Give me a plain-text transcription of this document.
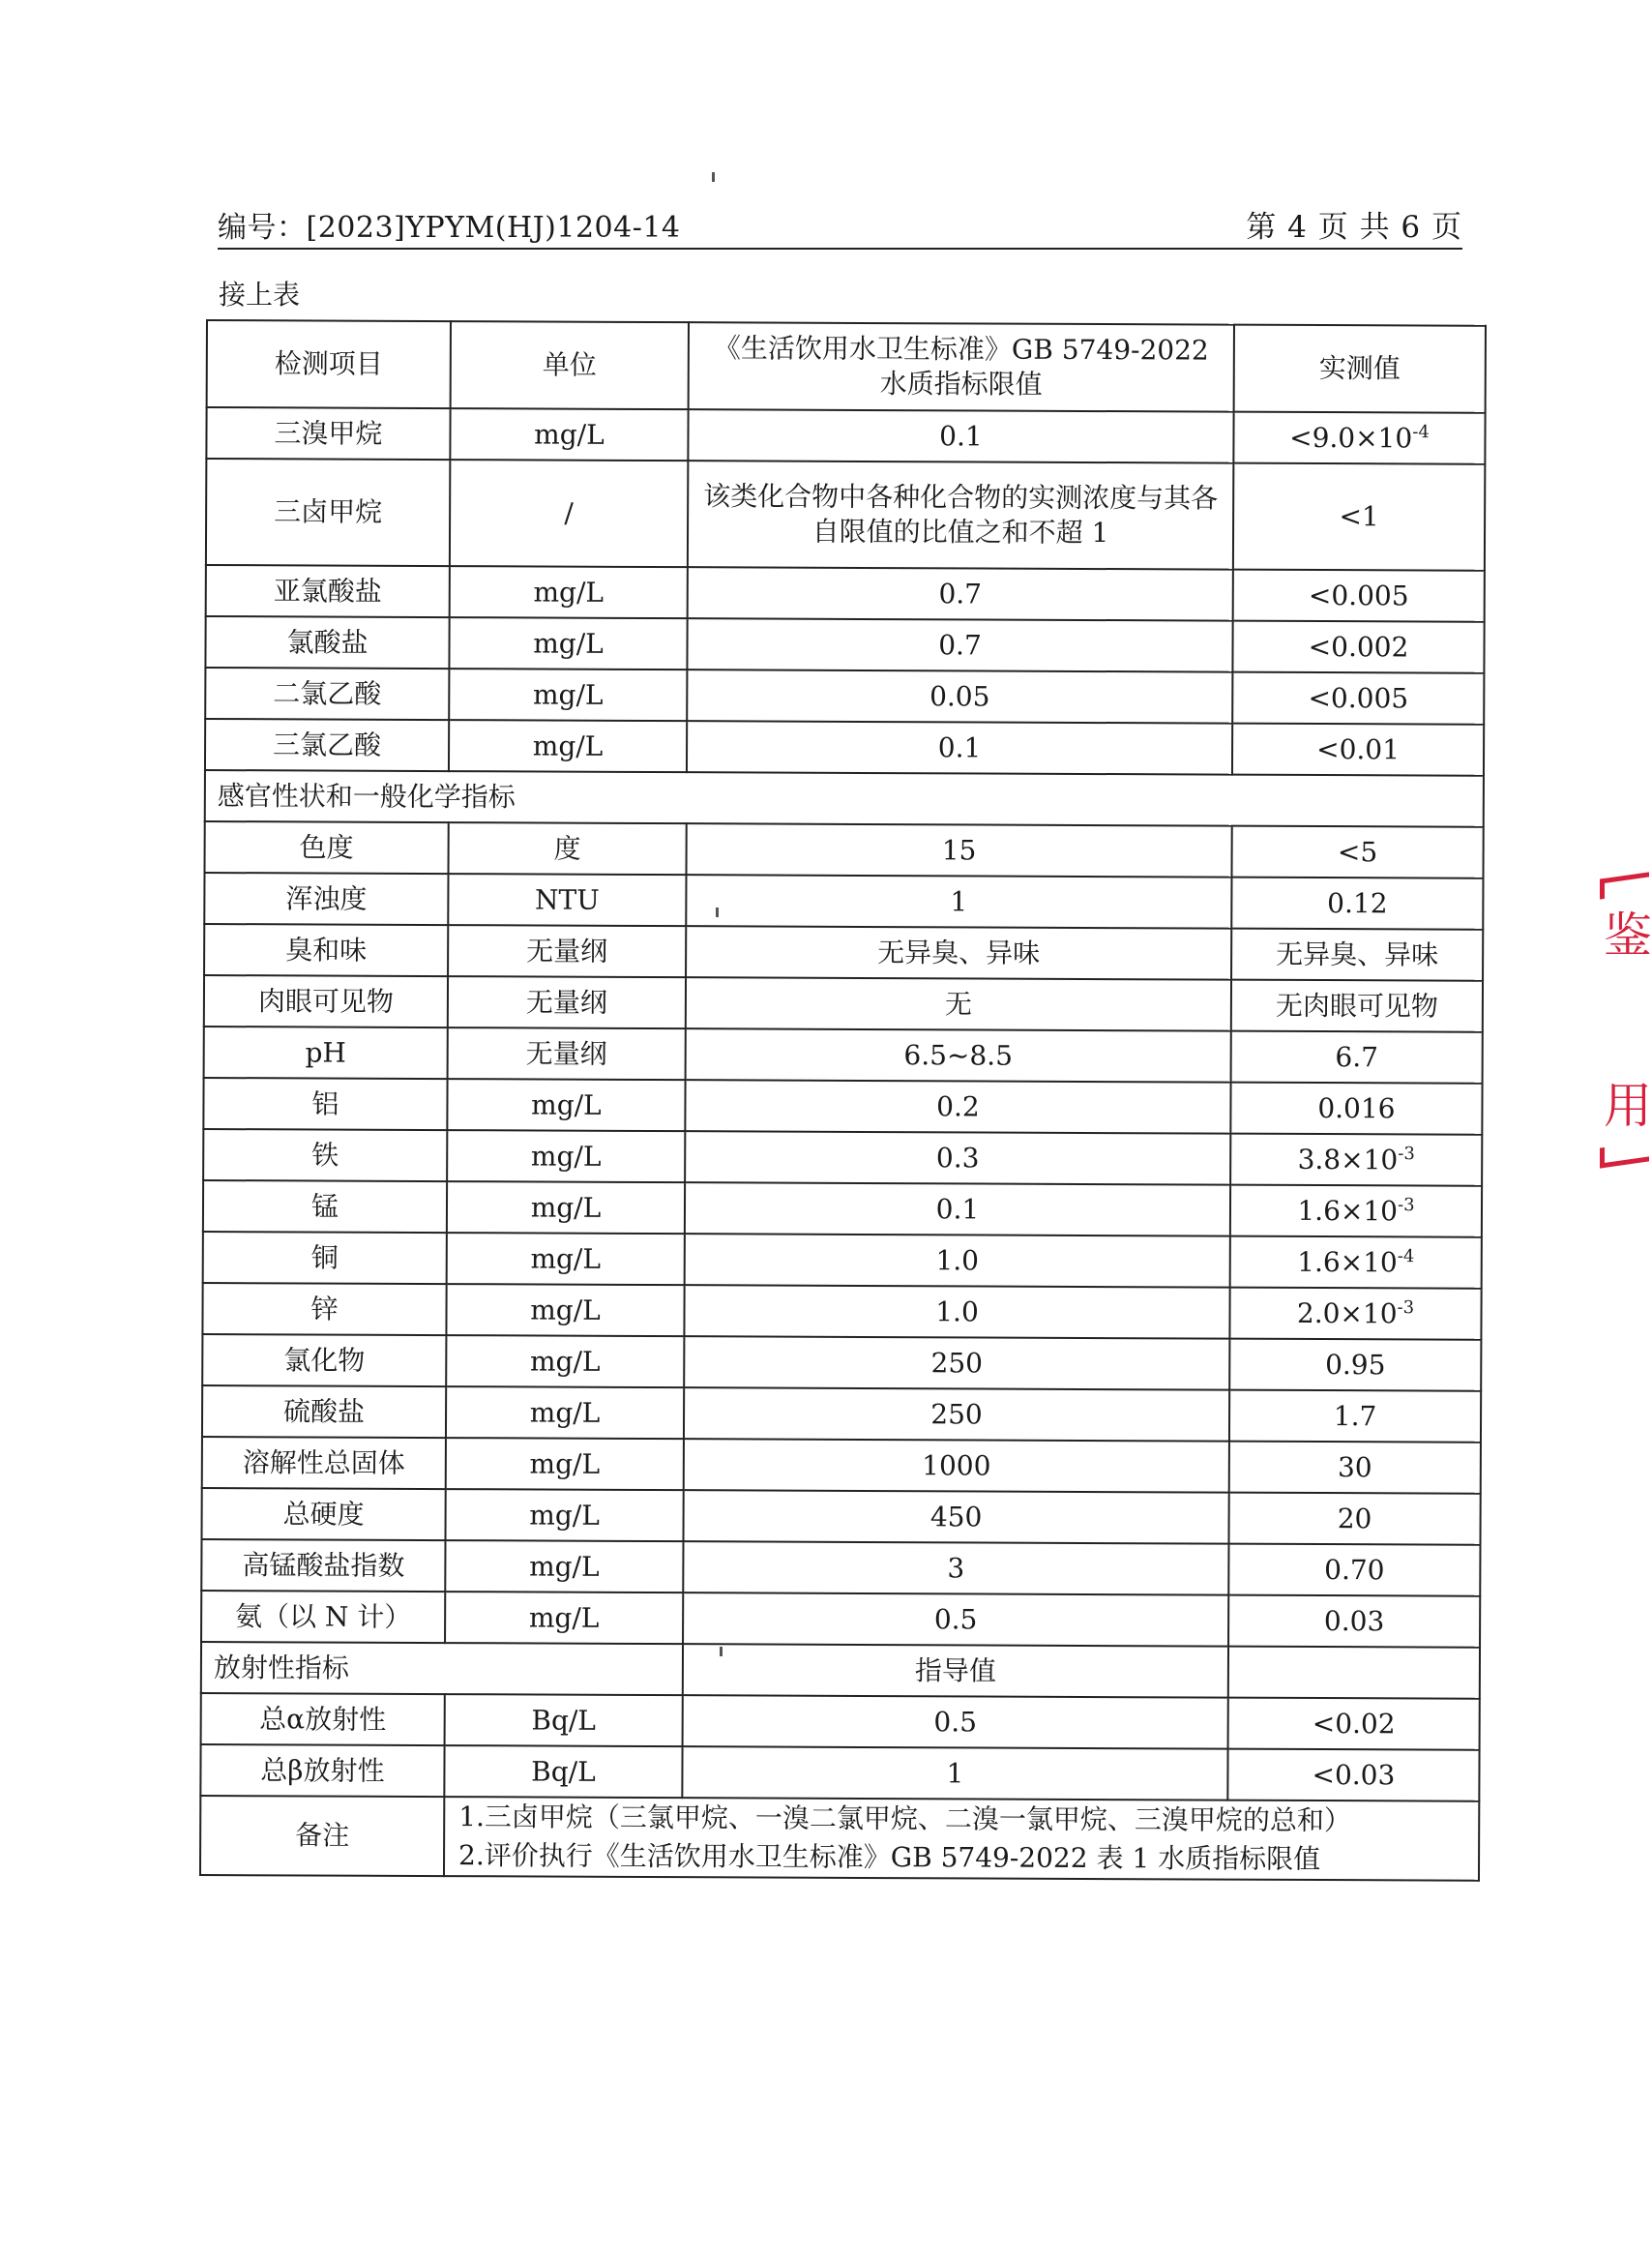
编号：[2023]YPYM(HJ)1204-14	第 4 页 共 6 页
接上表
检测项目	单位	《生活饮用水卫生标准》GB 5749-2022 水质指标限值	实测值
三溴甲烷	mg/L	0.1	$<9.0\times 10^{-4}$
三卤甲烷	/	该类化合物中各种化合物的实测浓度与其各自限值的比值之和不超 1	<1
亚氯酸盐	mg/L	0.7	<0.005
氯酸盐	mg/L	0.7	<0.002
二氯乙酸	mg/L	0.05	<0.005
三氯乙酸	mg/L	0.1	<0.01
感官性状和一般化学指标			
色度	度	15	<5
浑浊度	NTU	1	0.12
臭和味	无量纲	无异臭、异味	无异臭、异味
肉眼可见物	无量纲	无	无肉眼可见物
pH	无量纲	6.5~8.5	6.7
铝	mg/L	0.2	0.016
铁	mg/L	0.3	$3.8\times 10^{-3}$
锰	mg/L	0.1	$1.6\times 10^{-3}$
铜	mg/L	1.0	$1.6\times 10^{-4}$
锌	mg/L	1.0	$2.0\times 10^{-3}$
氯化物	mg/L	250	0.95
硫酸盐	mg/L	250	1.7
溶解性总固体	mg/L	1000	30
总硬度	mg/L	450	20
高锰酸盐指数	mg/L	3	0.70
氨（以 N 计）	mg/L	0.5	0.03
放射性指标		指导值	
总α放射性	Bq/L	0.5	<0.02
总β放射性	Bq/L	1	<0.03
备注	1.三卤甲烷（三氯甲烷、一溴二氯甲烷、二溴一氯甲烷、三溴甲烷的总和）
2.评价执行《生活饮用水卫生标准》GB 5749-2022 表 1 水质指标限值		
鉴
用
